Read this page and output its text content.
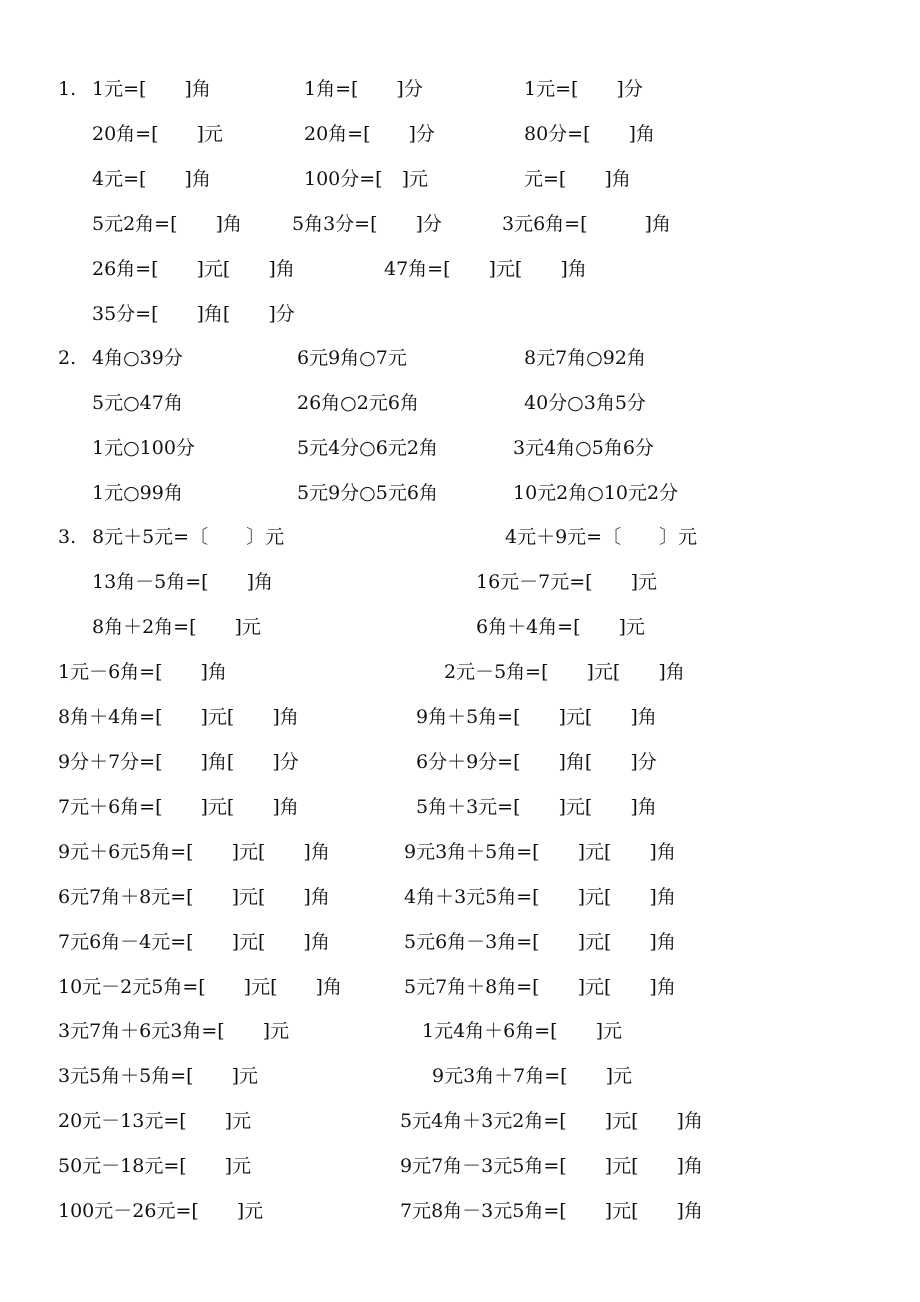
1. 1元=[　　]角	1角=[　　]分	1元=[　　]分
20角=[　　]元	20角=[　　]分	80分=[　　]角
4元=[　　]角	100分=[　]元	元=[　　]角
5元2角=[　　]角	5角3分=[　　]分	3元6角=[　　　]角
26角=[　　]元[　　]角	47角=[　　]元[　　]角
35分=[　　]角[　　]分
2. 4角○39分	6元9角○7元	8元7角○92角
5元○47角	26角○2元6角	40分○3角5分
1元○100分	5元4分○6元2角	3元4角○5角6分
1元○99角	5元9分○5元6角	10元2角○10元2分
3. 8元＋5元=〔　　〕元	4元＋9元=〔　　〕元
13角－5角=[　　]角	16元－7元=[　　]元
8角＋2角=[　　]元	6角＋4角=[　　]元
1元－6角=[　　]角	2元－5角=[　　]元[　　]角
8角＋4角=[　　]元[　　]角	9角＋5角=[　　]元[　　]角
9分＋7分=[　　]角[　　]分	6分＋9分=[　　]角[　　]分
7元＋6角=[　　]元[　　]角	5角＋3元=[　　]元[　　]角
9元＋6元5角=[　　]元[　　]角	9元3角＋5角=[　　]元[　　]角
6元7角＋8元=[　　]元[　　]角	4角＋3元5角=[　　]元[　　]角
7元6角－4元=[　　]元[　　]角	5元6角－3角=[　　]元[　　]角
10元－2元5角=[　　]元[　　]角	5元7角＋8角=[　　]元[　　]角
3元7角＋6元3角=[　　]元	1元4角＋6角=[　　]元
3元5角＋5角=[　　]元	9元3角＋7角=[　　]元
20元－13元=[　　]元	5元4角＋3元2角=[　　]元[　　]角
50元－18元=[　　]元	9元7角－3元5角=[　　]元[　　]角
100元－26元=[　　]元	7元8角－3元5角=[　　]元[　　]角
